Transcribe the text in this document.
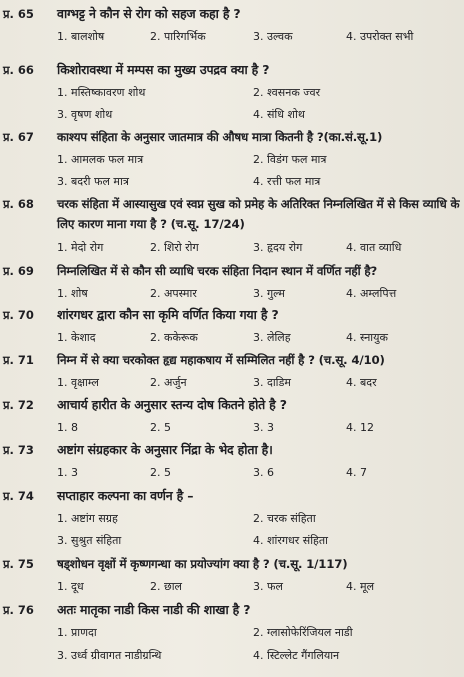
प्र. 65 वाग्भट्ट ने कौन से रोग को सहज कहा है ?
1. बालशोष	2. पारिगर्भिक	3. उल्वक	4. उपरोक्त सभी
प्र. 66 किशोरावस्था में मम्पस का मुख्य उपद्रव क्या है ?
1. मस्तिष्कावरण शोथ	2. श्वसनक ज्वर
3. वृषण शोथ	4. संधि शोथ
प्र. 67 काश्यप संहिता के अनुसार जातमात्र की औषध मात्रा कितनी है ?(का.सं.सू.1)
1. आमलक फल मात्र	2. विडंग फल मात्र
3. बदरी फल मात्र	4. रत्ती फल मात्र
प्र. 68 चरक संहिता में आस्यासुख एवं स्वप्न सुख को प्रमेह के अतिरिक्त निम्नलिखित में से किस व्याधि के लिए कारण माना गया है ? (च.सू. 17/24)
1. मेदो रोग	2. शिरो रोग	3. हृदय रोग	4. वात व्याधि
प्र. 69 निम्नलिखित में से कौन सी व्याधि चरक संहिता निदान स्थान में वर्णित नहीं है?
1. शोष	2. अपस्मार	3. गुल्म	4. अम्लपित्त
प्र. 70 शांरगधर द्वारा कौन सा कृमि वर्णित किया गया है ?
1. केशाद	2. ककेरूक	3. लेलिह	4. स्नायुक
प्र. 71 निम्न में से क्या चरकोक्त हृद्य महाकषाय में सम्मिलित नहीं है ? (च.सू. 4/10)
1. वृक्षाम्ल	2. अर्जुन	3. दाडिम	4. बदर
प्र. 72 आचार्य हारीत के अनुसार स्तन्य दोष कितने होते है ?
1. 8	2. 5	3. 3	4. 12
प्र. 73 अष्टांग संग्रहकार के अनुसार निंद्रा के भेद होता है।
1. 3	2. 5	3. 6	4. 7
प्र. 74 सप्ताहार कल्पना का वर्णन है –
1. अष्टांग सग्रह	2. चरक संहिता
3. सुश्रुत संहिता	4. शांरगधर संहिता
प्र. 75 षड्शोधन वृक्षों में कृष्णगन्धा का प्रयोज्यांग क्या है ? (च.सू. 1/117)
1. दूध	2. छाल	3. फल	4. मूल
प्र. 76 अतः मातृका नाडी किस नाडी की शाखा है ?
1. प्राणदा	2. ग्लासोफेरिंजियल नाडी
3. उर्ध्व ग्रीवागत नाडीग्रन्थि	4. स्टिल्लेट गैंगलियान
